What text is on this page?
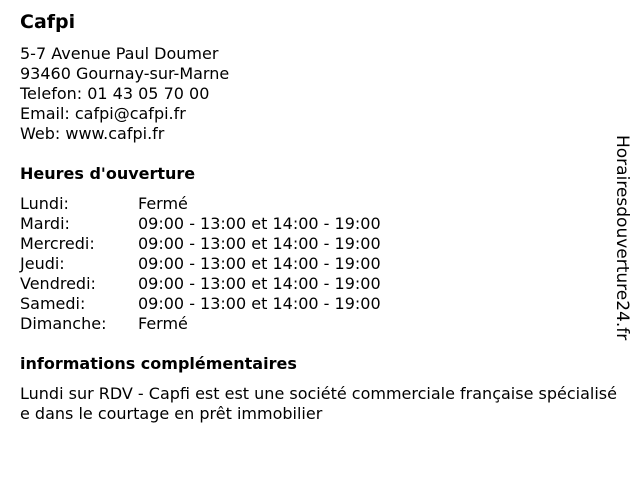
Cafpi
5-7 Avenue Paul Doumer
93460 Gournay-sur-Marne
Telefon: 01 43 05 70 00
Email: cafpi@cafpi.fr
Web: www.cafpi.fr
Heures d'ouverture
Lundi:	Fermé
Mardi:	09:00 - 13:00 et 14:00 - 19:00
Mercredi:	09:00 - 13:00 et 14:00 - 19:00
Jeudi:	09:00 - 13:00 et 14:00 - 19:00
Vendredi:	09:00 - 13:00 et 14:00 - 19:00
Samedi:	09:00 - 13:00 et 14:00 - 19:00
Dimanche: Fermé
informations complémentaires
Lundi sur RDV - Capfi est est une société commerciale française spécialisée dans le courtage en prêt immobilier
Horairesdouverture24.fr
